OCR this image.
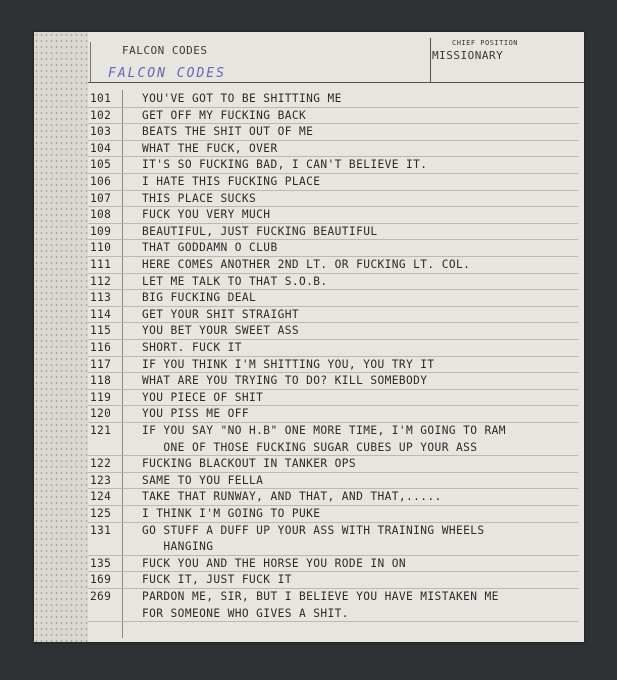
FALCON CODES
FALCON CODES
CHIEF POSITION
MISSIONARY
101	YOU'VE GOT TO BE SHITTING ME
102	GET OFF MY FUCKING BACK
103	BEATS THE SHIT OUT OF ME
104	WHAT THE FUCK, OVER
105	IT'S SO FUCKING BAD, I CAN'T BELIEVE IT.
106	I HATE THIS FUCKING PLACE
107	THIS PLACE SUCKS
108	FUCK YOU VERY MUCH
109	BEAUTIFUL, JUST FUCKING BEAUTIFUL
110	THAT GODDAMN O CLUB
111	HERE COMES ANOTHER 2ND LT. OR FUCKING LT. COL.
112	LET ME TALK TO THAT S.O.B.
113	BIG FUCKING DEAL
114	GET YOUR SHIT STRAIGHT
115	YOU BET YOUR SWEET ASS
116	SHORT. FUCK IT
117	IF YOU THINK I'M SHITTING YOU, YOU TRY IT
118	WHAT ARE YOU TRYING TO DO? KILL SOMEBODY
119	YOU PIECE OF SHIT
120	YOU PISS ME OFF
121	IF YOU SAY "NO H.B" ONE MORE TIME, I'M GOING TO RAM
ONE OF THOSE FUCKING SUGAR CUBES UP YOUR ASS
122	FUCKING BLACKOUT IN TANKER OPS
123	SAME TO YOU FELLA
124	TAKE THAT RUNWAY, AND THAT, AND THAT,.....
125	I THINK I'M GOING TO PUKE
131	GO STUFF A DUFF UP YOUR ASS WITH TRAINING WHEELS
HANGING
135	FUCK YOU AND THE HORSE YOU RODE IN ON
169	FUCK IT, JUST FUCK IT
269	PARDON ME, SIR, BUT I BELIEVE YOU HAVE MISTAKEN ME
FOR SOMEONE WHO GIVES A SHIT.
